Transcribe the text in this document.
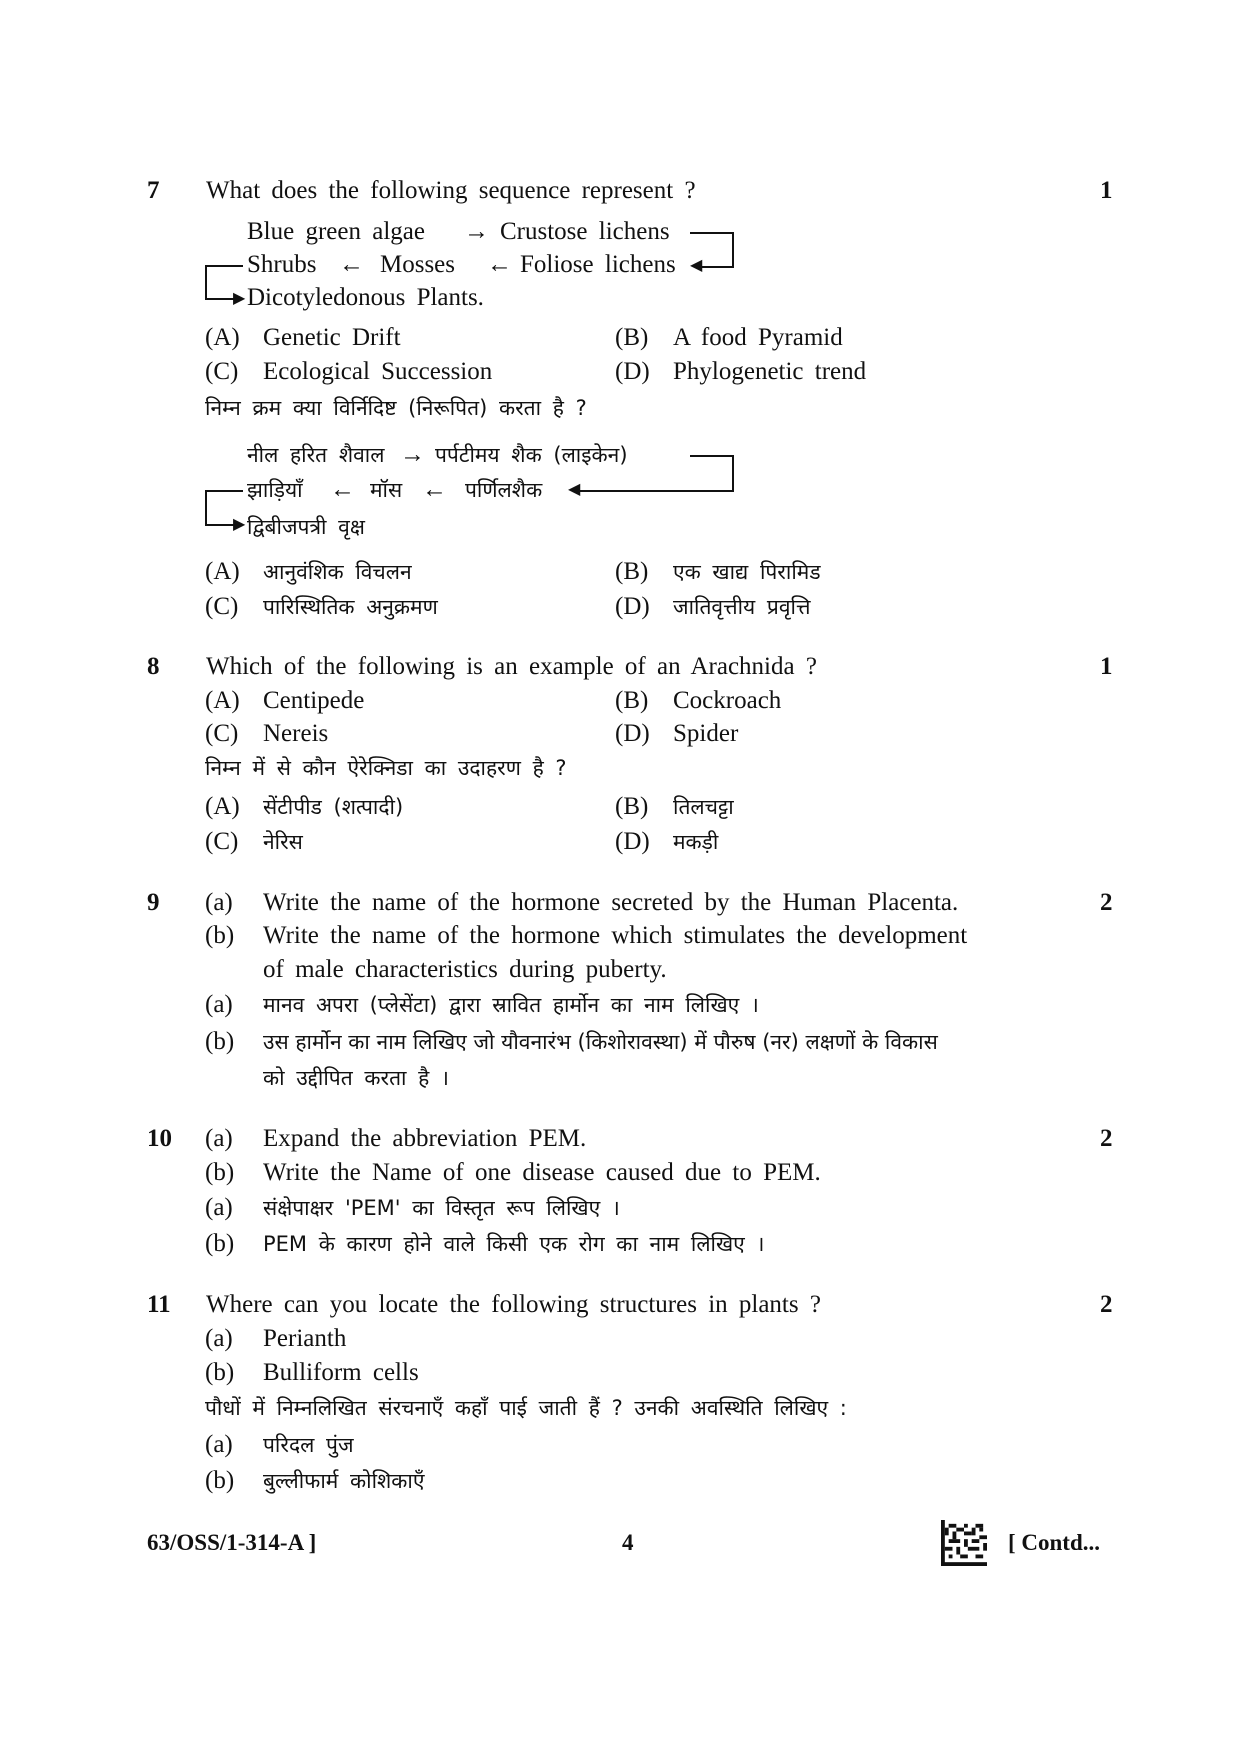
7 What does the following sequence represent ?	1
Blue green algae → Crustose lichens
Shrubs ← Mosses ← Foliose lichens
Dicotyledonous Plants.
◀
▶
(A) Genetic Drift	(B) A food Pyramid
(C) Ecological Succession	(D) Phylogenetic trend
निम्न क्रम क्या विर्निदिष्ट (निरूपित) करता है ?
नील हरित शैवाल → पर्पटीमय शैक (लाइकेन)
झाड़ियाँ ← मॉस ← पर्णिलशैक
द्विबीजपत्री वृक्ष
◀
▶
(A) आनुवंशिक विचलन	(B) एक खाद्य पिरामिड
(C) पारिस्थितिक अनुक्रमण	(D) जातिवृत्तीय प्रवृत्ति
8 Which of the following is an example of an Arachnida ?	1
(A) Centipede	(B) Cockroach
(C) Nereis	(D) Spider
निम्न में से कौन ऐरेक्निडा का उदाहरण है ?
(A) सेंटीपीड (शत्पादी)	(B) तिलचट्टा
(C) नेरिस	(D) मकड़ी
9 (a) Write the name of the hormone secreted by the Human Placenta.	2
(b) Write the name of the hormone which stimulates the development
of male characteristics during puberty.
(a) मानव अपरा (प्लेसेंटा) द्वारा स्रावित हार्मोन का नाम लिखिए ।
(b) उस हार्मोन का नाम लिखिए जो यौवनारंभ (किशोरावस्था) में पौरुष (नर) लक्षणों के विकास
को उद्दीपित करता है ।
10 (a) Expand the abbreviation PEM.	2
(b) Write the Name of one disease caused due to PEM.
(a) संक्षेपाक्षर 'PEM' का विस्तृत रूप लिखिए ।
(b) PEM के कारण होने वाले किसी एक रोग का नाम लिखिए ।
11 Where can you locate the following structures in plants ?	2
(a) Perianth
(b) Bulliform cells
पौधों में निम्नलिखित संरचनाएँ कहाँ पाई जाती हैं ? उनकी अवस्थिति लिखिए :
(a) परिदल पुंज
(b) बुल्लीफार्म कोशिकाएँ
63/OSS/1-314-A ]	4	[ Contd...
